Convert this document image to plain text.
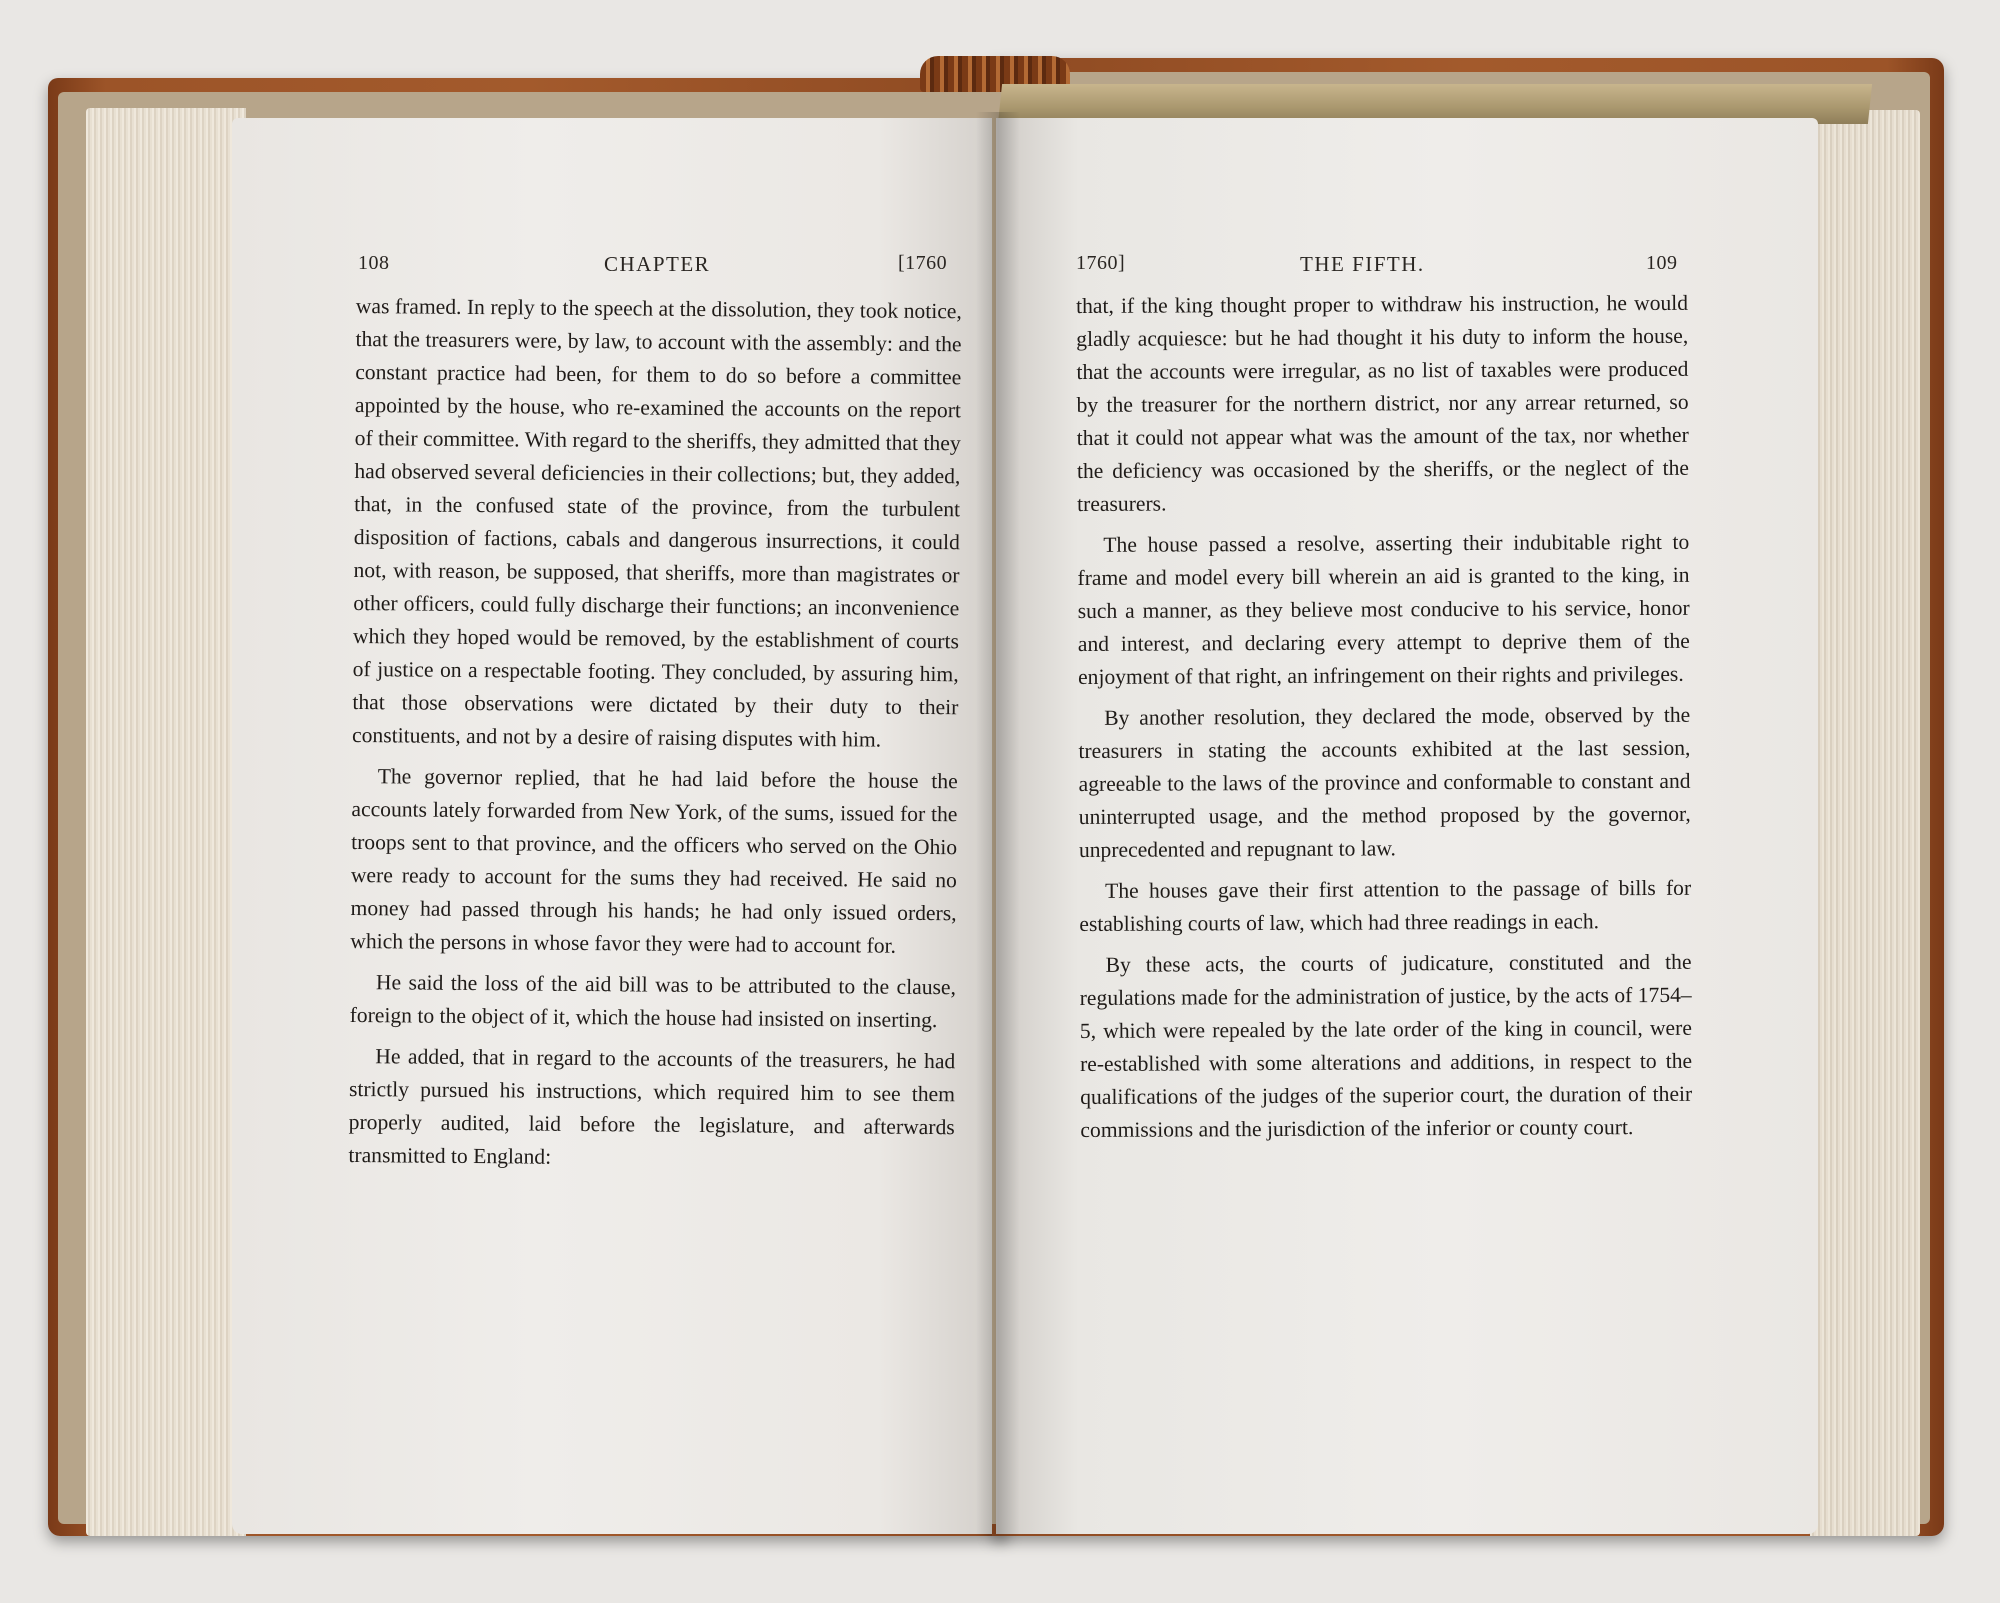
108	CHAPTER	[1760	1760]	THE FIFTH.	109

was framed. In reply to the speech at the dissolution, they took notice, that the treasurers were, by law, to account with the assembly: and the constant practice had been, for them to do so before a committee appointed by the house, who re-examined the accounts on the report of their committee. With regard to the sheriffs, they admitted that they had observed several deficiencies in their collections; but, they added, that, in the confused state of the province, from the turbulent disposition of factions, cabals and dangerous insurrections, it could not, with reason, be supposed, that sheriffs, more than magistrates or other officers, could fully discharge their functions; an inconvenience which they hoped would be removed, by the establishment of courts of justice on a respectable footing. They concluded, by assuring him, that those observations were dictated by their duty to their constituents, and not by a desire of raising disputes with him.

The governor replied, that he had laid before the house the accounts lately forwarded from New York, of the sums, issued for the troops sent to that province, and the officers who served on the Ohio were ready to account for the sums they had received. He said no money had passed through his hands; he had only issued orders, which the persons in whose favor they were had to account for.

He said the loss of the aid bill was to be attributed to the clause, foreign to the object of it, which the house had insisted on inserting.

He added, that in regard to the accounts of the treasurers, he had strictly pursued his instructions, which required him to see them properly audited, laid before the legislature, and afterwards transmitted to England:

that, if the king thought proper to withdraw his instruction, he would gladly acquiesce: but he had thought it his duty to inform the house, that the accounts were irregular, as no list of taxables were produced by the treasurer for the northern district, nor any arrear returned, so that it could not appear what was the amount of the tax, nor whether the deficiency was occasioned by the sheriffs, or the neglect of the treasurers.

The house passed a resolve, asserting their indubitable right to frame and model every bill wherein an aid is granted to the king, in such a manner, as they believe most conducive to his service, honor and interest, and declaring every attempt to deprive them of the enjoyment of that right, an infringement on their rights and privileges.

By another resolution, they declared the mode, observed by the treasurers in stating the accounts exhibited at the last session, agreeable to the laws of the province and conformable to constant and uninterrupted usage, and the method proposed by the governor, unprecedented and repugnant to law.

The houses gave their first attention to the passage of bills for establishing courts of law, which had three readings in each.

By these acts, the courts of judicature, constituted and the regulations made for the administration of justice, by the acts of 1754–5, which were repealed by the late order of the king in council, were re-established with some alterations and additions, in respect to the qualifications of the judges of the superior court, the duration of their commissions and the jurisdiction of the inferior or county court.
